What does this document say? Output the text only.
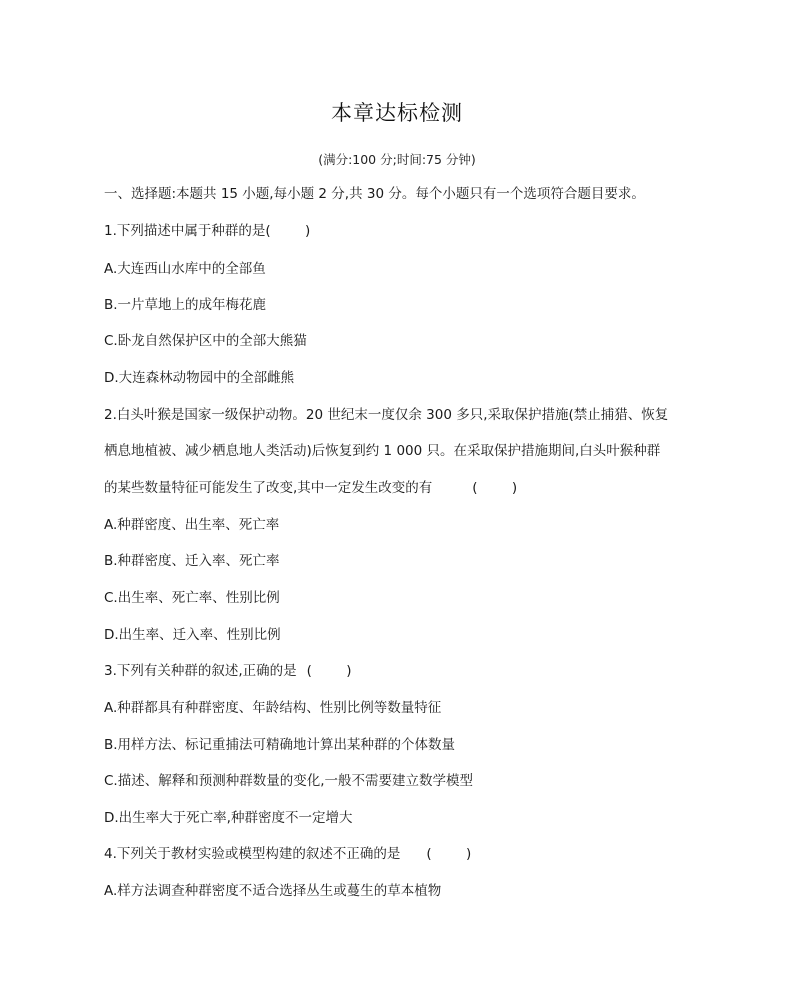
本章达标检测
(满分:100 分;时间:75 分钟)
一、选择题:本题共 15 小题,每小题 2 分,共 30 分。每个小题只有一个选项符合题目要求。
1.下列描述中属于种群的是(        )
A.大连西山水库中的全部鱼
B.一片草地上的成年梅花鹿
C.卧龙自然保护区中的全部大熊猫
D.大连森林动物园中的全部雌熊
2.白头叶猴是国家一级保护动物。20 世纪末一度仅余 300 多只,采取保护措施(禁止捕猎、恢复
栖息地植被、减少栖息地人类活动)后恢复到约 1 000 只。在采取保护措施期间,白头叶猴种群
的某些数量特征可能发生了改变,其中一定发生改变的有	(        )
A.种群密度、出生率、死亡率
B.种群密度、迁入率、死亡率
C.出生率、死亡率、性别比例
D.出生率、迁入率、性别比例
3.下列有关种群的叙述,正确的是 (        )
A.种群都具有种群密度、年龄结构、性别比例等数量特征
B.用样方法、标记重捕法可精确地计算出某种群的个体数量
C.描述、解释和预测种群数量的变化,一般不需要建立数学模型
D.出生率大于死亡率,种群密度不一定增大
4.下列关于教材实验或模型构建的叙述不正确的是 (        )
A.样方法调查种群密度不适合选择丛生或蔓生的草本植物
